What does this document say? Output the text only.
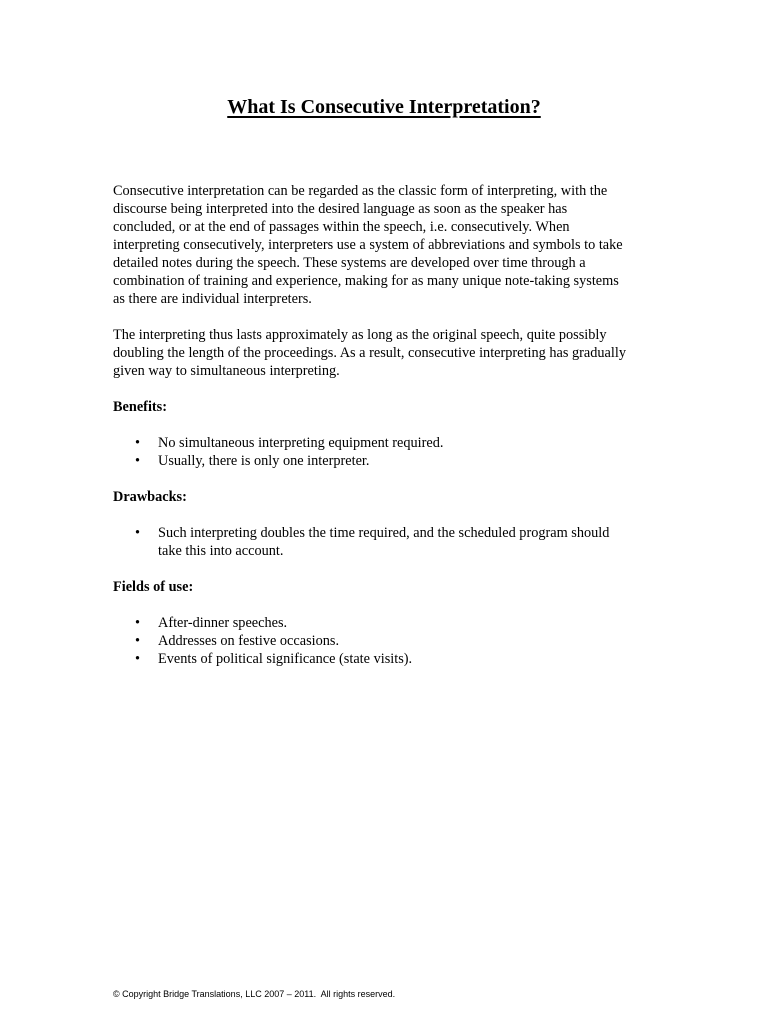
What Is Consecutive Interpretation?

Consecutive interpretation can be regarded as the classic form of interpreting, with the
discourse being interpreted into the desired language as soon as the speaker has
concluded, or at the end of passages within the speech, i.e. consecutively. When
interpreting consecutively, interpreters use a system of abbreviations and symbols to take
detailed notes during the speech. These systems are developed over time through a
combination of training and experience, making for as many unique note-taking systems
as there are individual interpreters.

The interpreting thus lasts approximately as long as the original speech, quite possibly
doubling the length of the proceedings. As a result, consecutive interpreting has gradually
given way to simultaneous interpreting.

Benefits:

• No simultaneous interpreting equipment required.
• Usually, there is only one interpreter.

Drawbacks:

• Such interpreting doubles the time required, and the scheduled program should
take this into account.

Fields of use:

• After-dinner speeches.
• Addresses on festive occasions.
• Events of political significance (state visits).
© Copyright Bridge Translations, LLC 2007 – 2011.  All rights reserved.
